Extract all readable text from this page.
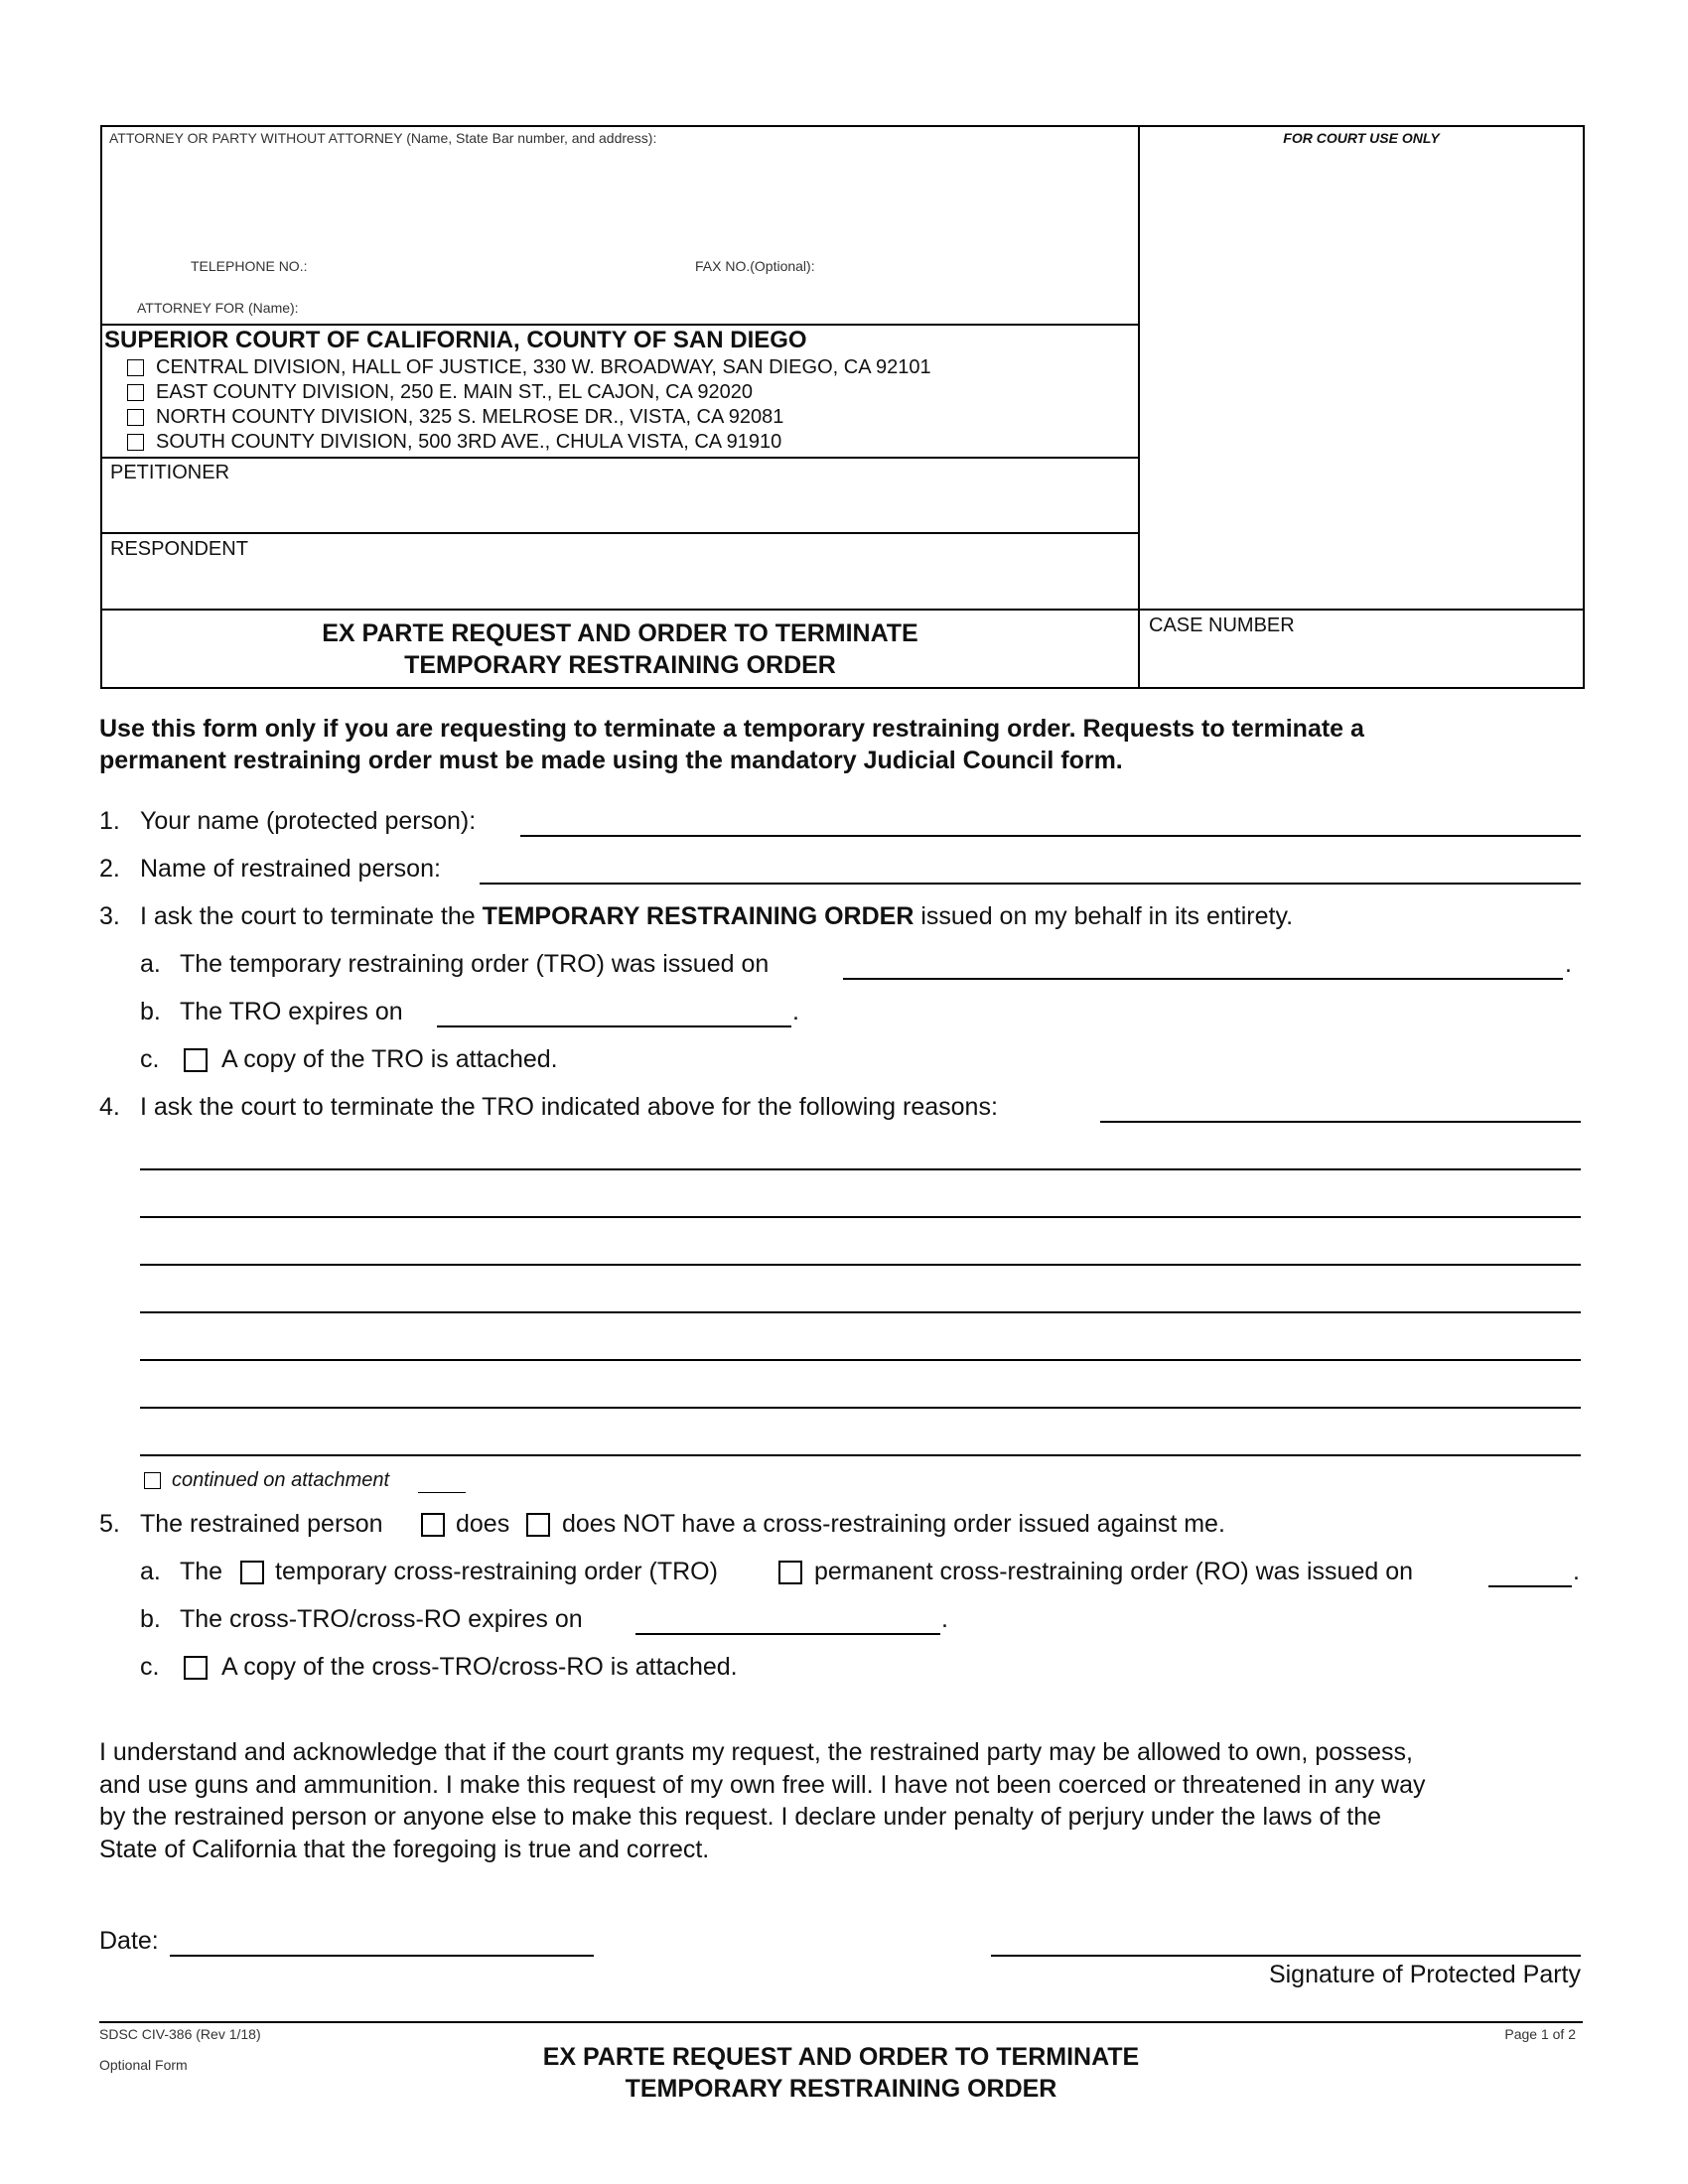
ATTORNEY OR PARTY WITHOUT ATTORNEY (Name, State Bar number, and address):	FOR COURT USE ONLY
TELEPHONE NO.:	FAX NO.(Optional):
ATTORNEY FOR (Name):
SUPERIOR COURT OF CALIFORNIA, COUNTY OF SAN DIEGO
CENTRAL DIVISION, HALL OF JUSTICE, 330 W. BROADWAY, SAN DIEGO, CA 92101
EAST COUNTY DIVISION, 250 E. MAIN ST., EL CAJON, CA 92020
NORTH COUNTY DIVISION, 325 S. MELROSE DR., VISTA, CA 92081
SOUTH COUNTY DIVISION, 500 3RD AVE., CHULA VISTA, CA 91910
PETITIONER
RESPONDENT
EX PARTE REQUEST AND ORDER TO TERMINATE
TEMPORARY RESTRAINING ORDER
CASE NUMBER
Use this form only if you are requesting to terminate a temporary restraining order. Requests to terminate a
permanent restraining order must be made using the mandatory Judicial Council form.
1. Your name (protected person):
2. Name of restrained person:
3. I ask the court to terminate the TEMPORARY RESTRAINING ORDER issued on my behalf in its entirety.
a. The temporary restraining order (TRO) was issued on	.
b. The TRO expires on	.
c.	A copy of the TRO is attached.
4. I ask the court to terminate the TRO indicated above for the following reasons:
continued on attachment
5. The restrained person	does does NOT have a cross-restraining order issued against me.
a. The temporary cross-restraining order (TRO)	permanent cross-restraining order (RO) was issued on	.
b. The cross-TRO/cross-RO expires on	.
c.	A copy of the cross-TRO/cross-RO is attached.
I understand and acknowledge that if the court grants my request, the restrained party may be allowed to own, possess,
and use guns and ammunition. I make this request of my own free will. I have not been coerced or threatened in any way
by the restrained person or anyone else to make this request. I declare under penalty of perjury under the laws of the
State of California that the foregoing is true and correct.
Date:
Signature of Protected Party
SDSC CIV-386 (Rev 1/18)
Optional Form
Page 1 of 2
EX PARTE REQUEST AND ORDER TO TERMINATE
TEMPORARY RESTRAINING ORDER
